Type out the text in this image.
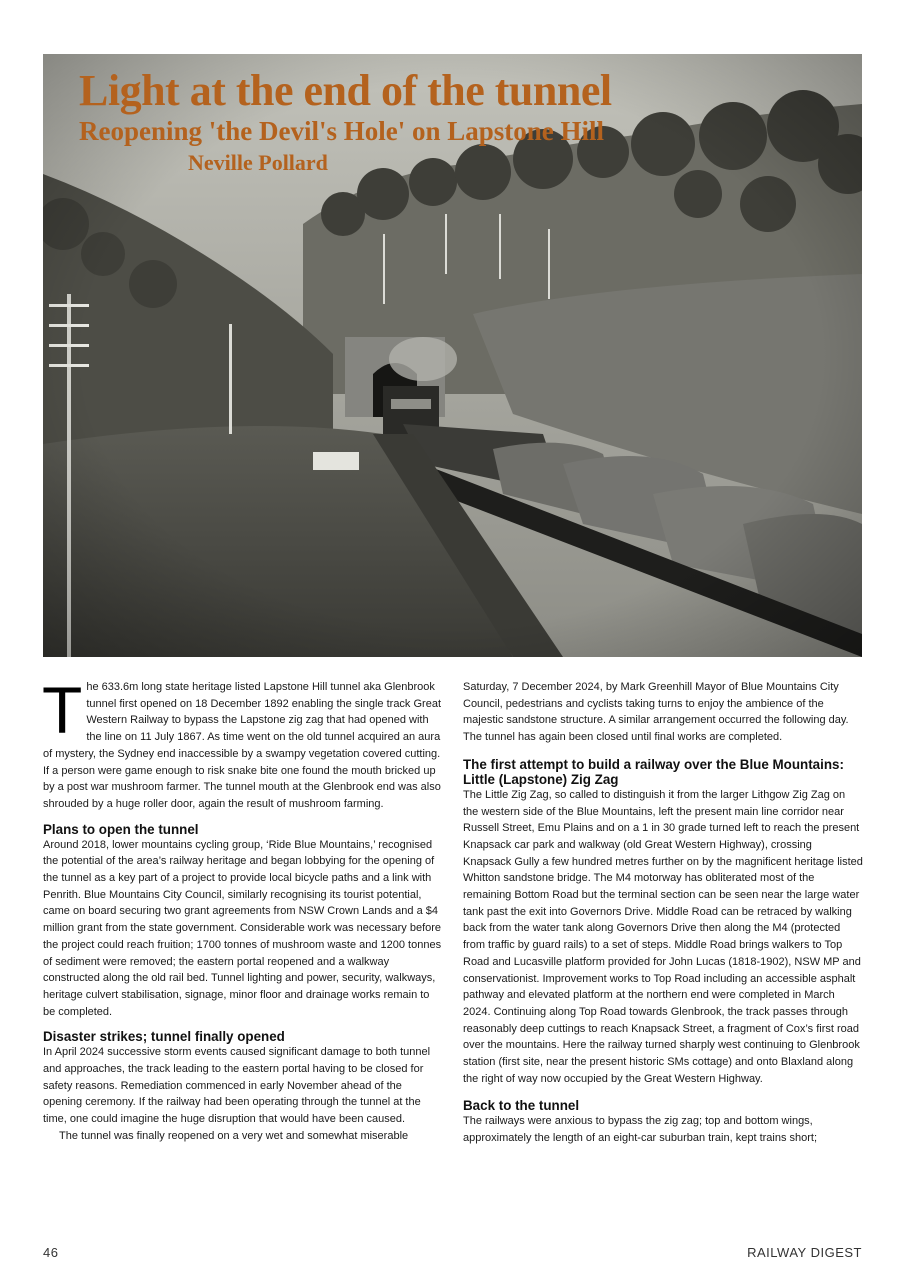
Light at the end of the tunnel
Reopening 'the Devil's Hole' on Lapstone Hill
Neville Pollard

The 633.6m long state heritage listed Lapstone Hill tunnel aka Glenbrook tunnel first opened on 18 December 1892 enabling the single track Great Western Railway to bypass the Lapstone zig zag that had opened with the line on 11 July 1867. As time went on the old tunnel acquired an aura of mystery, the Sydney end inaccessible by a swampy vegetation covered cutting. If a person were game enough to risk snake bite one found the mouth bricked up by a post war mushroom farmer. The tunnel mouth at the Glenbrook end was also shrouded by a huge roller door, again the result of mushroom farming.

Plans to open the tunnel

Around 2018, lower mountains cycling group, ‘Ride Blue Mountains,’ recognised the potential of the area’s railway heritage and began lobbying for the opening of the tunnel as a key part of a project to provide local bicycle paths and a link with Penrith. Blue Mountains City Council, similarly recognising its tourist potential, came on board securing two grant agreements from NSW Crown Lands and a $4 million grant from the state government. Considerable work was necessary before the project could reach fruition; 1700 tonnes of mushroom waste and 1200 tonnes of sediment were removed; the eastern portal reopened and a walkway constructed along the old rail bed. Tunnel lighting and power, security, walkways, heritage culvert stabilisation, signage, minor floor and drainage works remain to be completed.

Disaster strikes; tunnel finally opened

In April 2024 successive storm events caused significant damage to both tunnel and approaches, the track leading to the eastern portal having to be closed for safety reasons. Remediation commenced in early November ahead of the opening ceremony. If the railway had been operating through the tunnel at the time, one could imagine the huge disruption that would have been caused.

The tunnel was finally reopened on a very wet and somewhat miserable

Saturday, 7 December 2024, by Mark Greenhill Mayor of Blue Mountains City Council, pedestrians and cyclists taking turns to enjoy the ambience of the majestic sandstone structure. A similar arrangement occurred the following day. The tunnel has again been closed until final works are completed.

The first attempt to build a railway over the Blue Mountains: Little (Lapstone) Zig Zag

The Little Zig Zag, so called to distinguish it from the larger Lithgow Zig Zag on the western side of the Blue Mountains, left the present main line corridor near Russell Street, Emu Plains and on a 1 in 30 grade turned left to reach the present Knapsack car park and walkway (old Great Western Highway), crossing Knapsack Gully a few hundred metres further on by the magnificent heritage listed Whitton sandstone bridge. The M4 motorway has obliterated most of the remaining Bottom Road but the terminal section can be seen near the large water tank past the exit into Governors Drive. Middle Road can be retraced by walking back from the water tank along Governors Drive then along the M4 (protected from traffic by guard rails) to a set of steps. Middle Road brings walkers to Top Road and Lucasville platform provided for John Lucas (1818-1902), NSW MP and conservationist. Improvement works to Top Road including an accessible asphalt pathway and elevated platform at the northern end were completed in March 2024. Continuing along Top Road towards Glenbrook, the track passes through reasonably deep cuttings to reach Knapsack Street, a fragment of Cox’s first road over the mountains. Here the railway turned sharply west continuing to Glenbrook station (first site, near the present historic SMs cottage) and onto Blaxland along the right of way now occupied by the Great Western Highway.

Back to the tunnel

The railways were anxious to bypass the zig zag; top and bottom wings, approximately the length of an eight-car suburban train, kept trains short;

46	RAILWAY DIGEST
